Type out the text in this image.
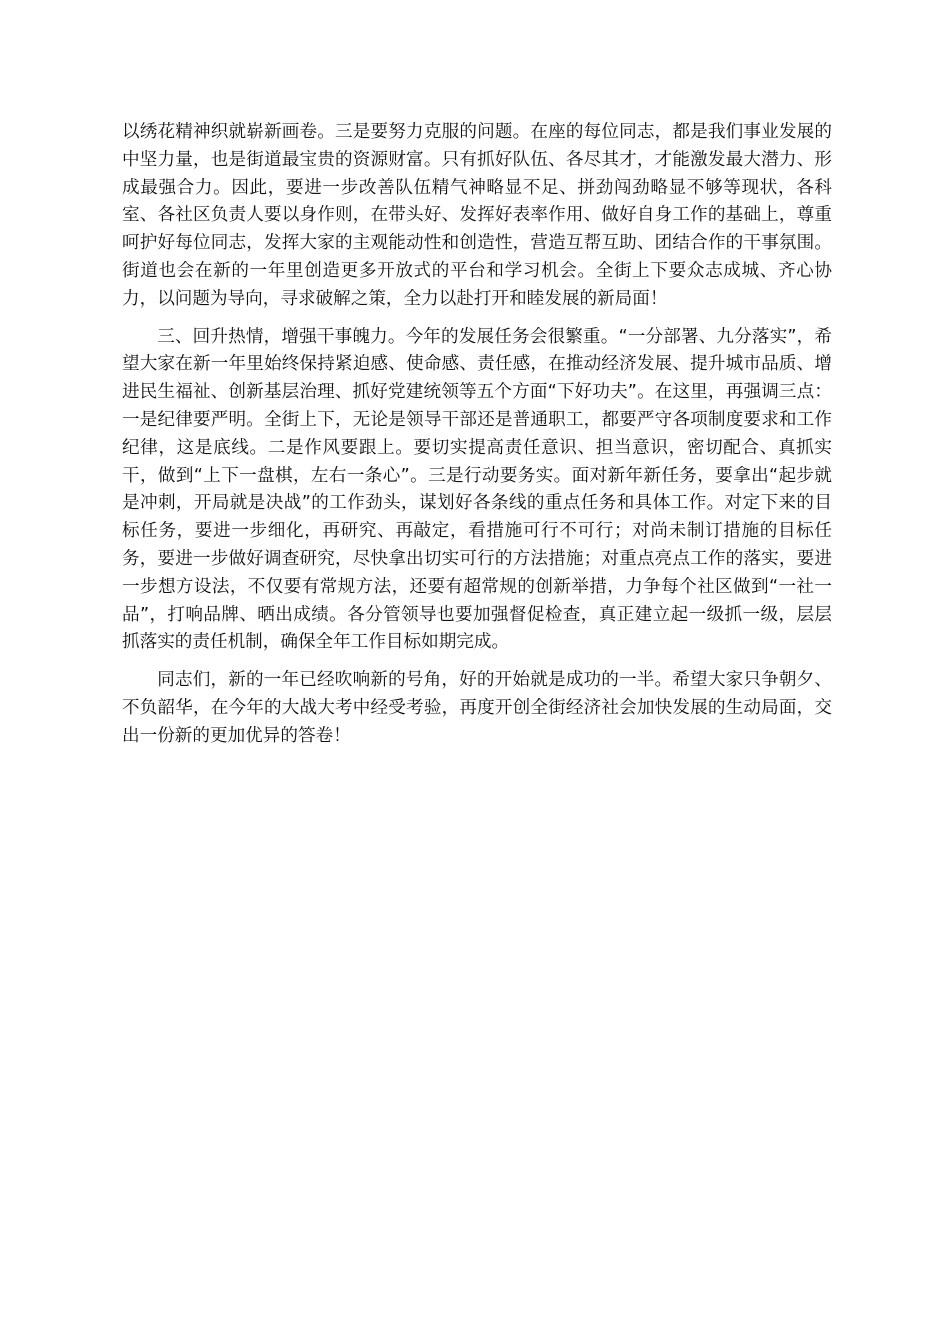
以绣花精神织就崭新画卷。三是要努力克服的问题。在座的每位同志，都是我们事业发展的中坚力量，也是街道最宝贵的资源财富。只有抓好队伍、各尽其才，才能激发最大潜力、形成最强合力。因此，要进一步改善队伍精气神略显不足、拼劲闯劲略显不够等现状，各科室、各社区负责人要以身作则，在带头好、发挥好表率作用、做好自身工作的基础上，尊重呵护好每位同志，发挥大家的主观能动性和创造性，营造互帮互助、团结合作的干事氛围。街道也会在新的一年里创造更多开放式的平台和学习机会。全街上下要众志成城、齐心协力，以问题为导向，寻求破解之策，全力以赴打开和睦发展的新局面！

三、回升热情，增强干事魄力。今年的发展任务会很繁重。“一分部署、九分落实”，希望大家在新一年里始终保持紧迫感、使命感、责任感，在推动经济发展、提升城市品质、增进民生福祉、创新基层治理、抓好党建统领等五个方面“下好功夫”。在这里，再强调三点：一是纪律要严明。全街上下，无论是领导干部还是普通职工，都要严守各项制度要求和工作纪律，这是底线。二是作风要跟上。要切实提高责任意识、担当意识，密切配合、真抓实干，做到“上下一盘棋，左右一条心”。三是行动要务实。面对新年新任务，要拿出“起步就是冲刺，开局就是决战”的工作劲头，谋划好各条线的重点任务和具体工作。对定下来的目标任务，要进一步细化，再研究、再敲定，看措施可行不可行；对尚未制订措施的目标任务，要进一步做好调查研究，尽快拿出切实可行的方法措施；对重点亮点工作的落实，要进一步想方设法，不仅要有常规方法，还要有超常规的创新举措，力争每个社区做到“一社一品”，打响品牌、晒出成绩。各分管领导也要加强督促检查，真正建立起一级抓一级，层层抓落实的责任机制，确保全年工作目标如期完成。

同志们，新的一年已经吹响新的号角，好的开始就是成功的一半。希望大家只争朝夕、不负韶华，在今年的大战大考中经受考验，再度开创全街经济社会加快发展的生动局面，交出一份新的更加优异的答卷！
